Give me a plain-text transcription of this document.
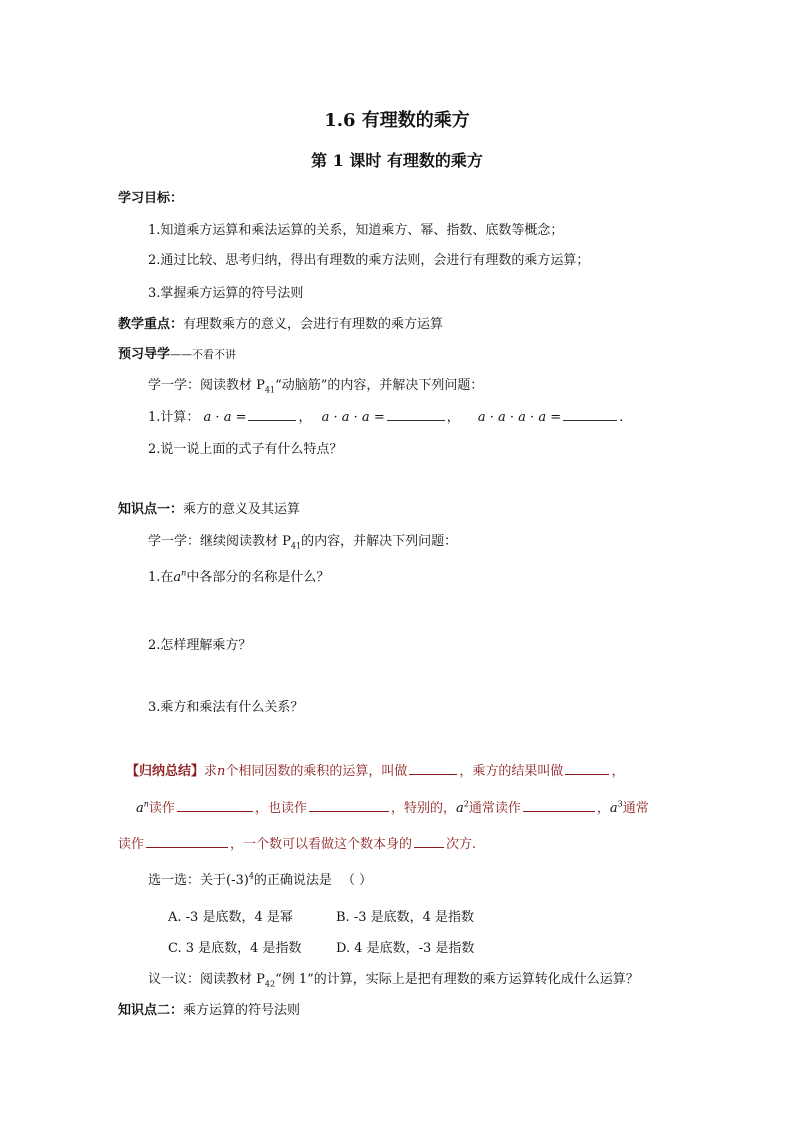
1.6 有理数的乘方
第 1 课时 有理数的乘方
学习目标：
1.知道乘方运算和乘法运算的关系，知道乘方、幂、指数、底数等概念；
2.通过比较、思考归纳，得出有理数的乘方法则，会进行有理数的乘方运算；
3.掌握乘方运算的符号法则
教学重点：有理数乘方的意义，会进行有理数的乘方运算
预习导学——不看不讲
学一学：阅读教材 $P_{41}“$动脑筋”的内容，并解决下列问题：
1.计算： a · a =	， a · a · a =	， a · a · a · a =	.
2.说一说上面的式子有什么特点？
知识点一：乘方的意义及其运算
学一学：继续阅读教材 $P_{41}$的内容，并解决下列问题：
1.在$a^n$中各部分的名称是什么？
2.怎样理解乘方？
3.乘方和乘法有什么关系？
【归纳总结】求n个相同因数的乘积的运算，叫做	，乘方的结果叫做	，
$a^n$读作	，也读作	，特别的，$a^2$通常读作	，$a^3$通常
读作	，一个数可以看做这个数本身的	次方.
选一选：关于$(-3)^4$的正确说法是 （ ）
A. -3 是底数，4 是幂	B. -3 是底数，4 是指数
C. 3 是底数，4 是指数	D. 4 是底数，-3 是指数
议一议：阅读教材 $P_{42}“$例 1”的计算，实际上是把有理数的乘方运算转化成什么运算？
知识点二：乘方运算的符号法则
